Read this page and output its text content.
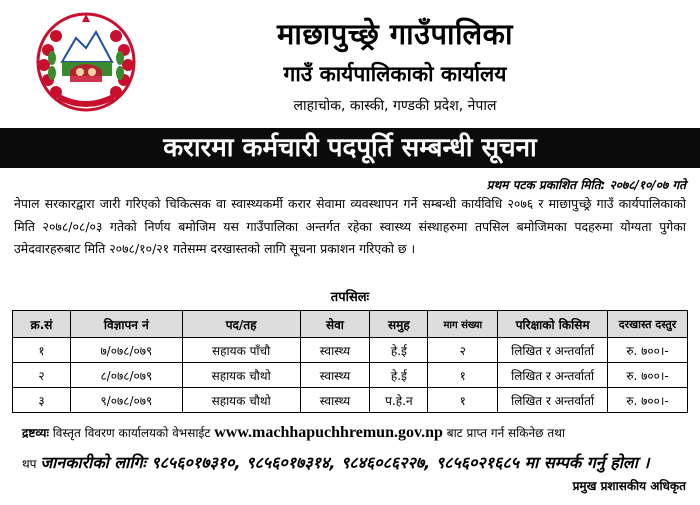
माछापुच्छ्रे गाउँपालिका
गाउँ कार्यपालिकाको कार्यालय
लाहाचोक, कास्की, गण्डकी प्रदेश, नेपाल
करारमा कर्मचारी पदपूर्ति सम्बन्धी सूचना
प्रथम पटक प्रकाशित मिति: २०७८/१०/०७ गते
नेपाल सरकारद्वारा जारी गरिएको चिकित्सक वा स्वास्थ्यकर्मी करार सेवामा व्यवस्थापन गर्ने सम्बन्धी कार्यविधि २०७६ र माछापुच्छ्रे गाउँ कार्यपालिकाको मिति २०७८/०८/०३ गतेको निर्णय बमोजिम यस गाउँपालिका अन्तर्गत रहेका स्वास्थ्य संस्थाहरुमा तपसिल बमोजिमका पदहरुमा योग्यता पुगेका उमेदवारहरुबाट मिति २०७८/१०/२१ गतेसम्म दरखास्तको लागि सूचना प्रकाशन गरिएको छ ।
तपसिलः
क्र.सं	विज्ञापन नं	पद/तह	सेवा	समुह	माग संख्या	परिक्षाको किसिम	दरखास्त दस्तुर
१	७/०७८/०७९	सहायक पाँचौ	स्वास्थ्य	हे.ई	२	लिखित र अन्तर्वार्ता	रु. ७००।-
२	८/०७८/०७९	सहायक चौथो	स्वास्थ्य	हे.ई	१	लिखित र अन्तर्वार्ता	रु. ७००।-
३	९/०७८/०७९	सहायक चौथो	स्वास्थ्य	प.हे.न	१	लिखित र अन्तर्वार्ता	रु. ७००।-
द्रष्टव्यः विस्तृत विवरण कार्यालयको वेभसाईट www.machhapuchhremun.gov.np बाट प्राप्त गर्न सकिनेछ तथा
थप जानकारीको लागिः ९८५६०१७३१०, ९८५६०१७३१४, ९८४६०८६२२७, ९८५६०२१६८५ मा सम्पर्क गर्नु होला ।
प्रमुख प्रशासकीय अधिकृत
